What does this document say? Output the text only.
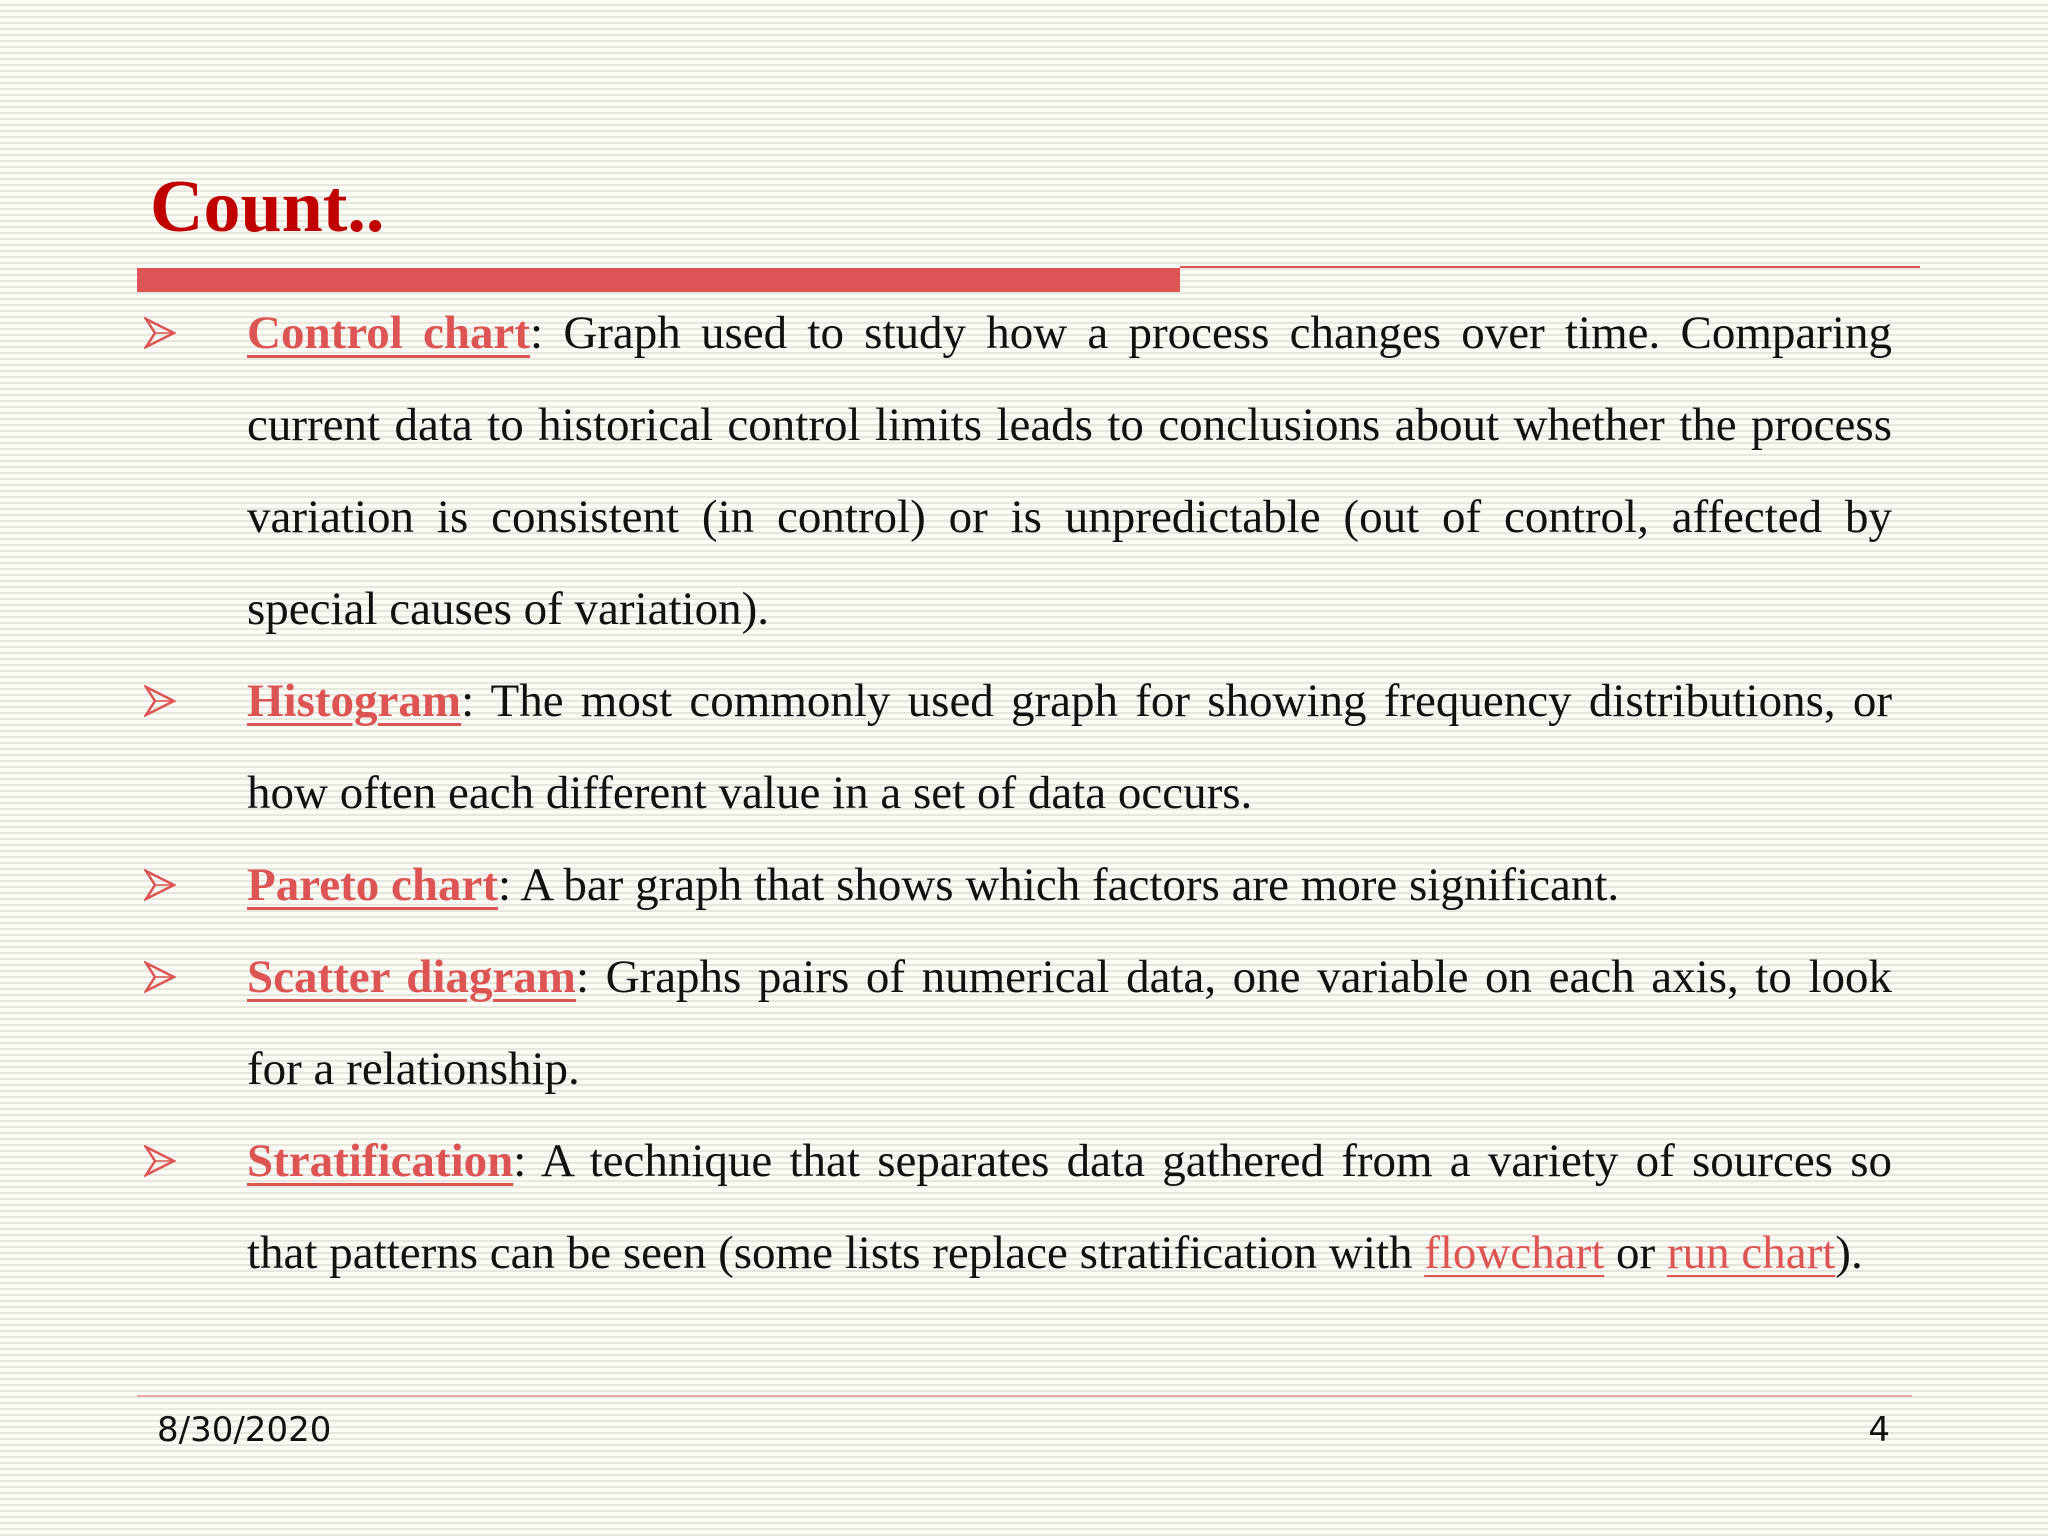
Count..
Control chart: Graph used to study how a process changes over time. Comparing current data to historical control limits leads to conclusions about whether the process variation is consistent (in control) or is unpredictable (out of control, affected by special causes of variation).
Histogram: The most commonly used graph for showing frequency distributions, or how often each different value in a set of data occurs.
Pareto chart: A bar graph that shows which factors are more significant.
Scatter diagram: Graphs pairs of numerical data, one variable on each axis, to look for a relationship.
Stratification: A technique that separates data gathered from a variety of sources so that patterns can be seen (some lists replace stratification with flowchart or run chart).
8/30/2020	4
